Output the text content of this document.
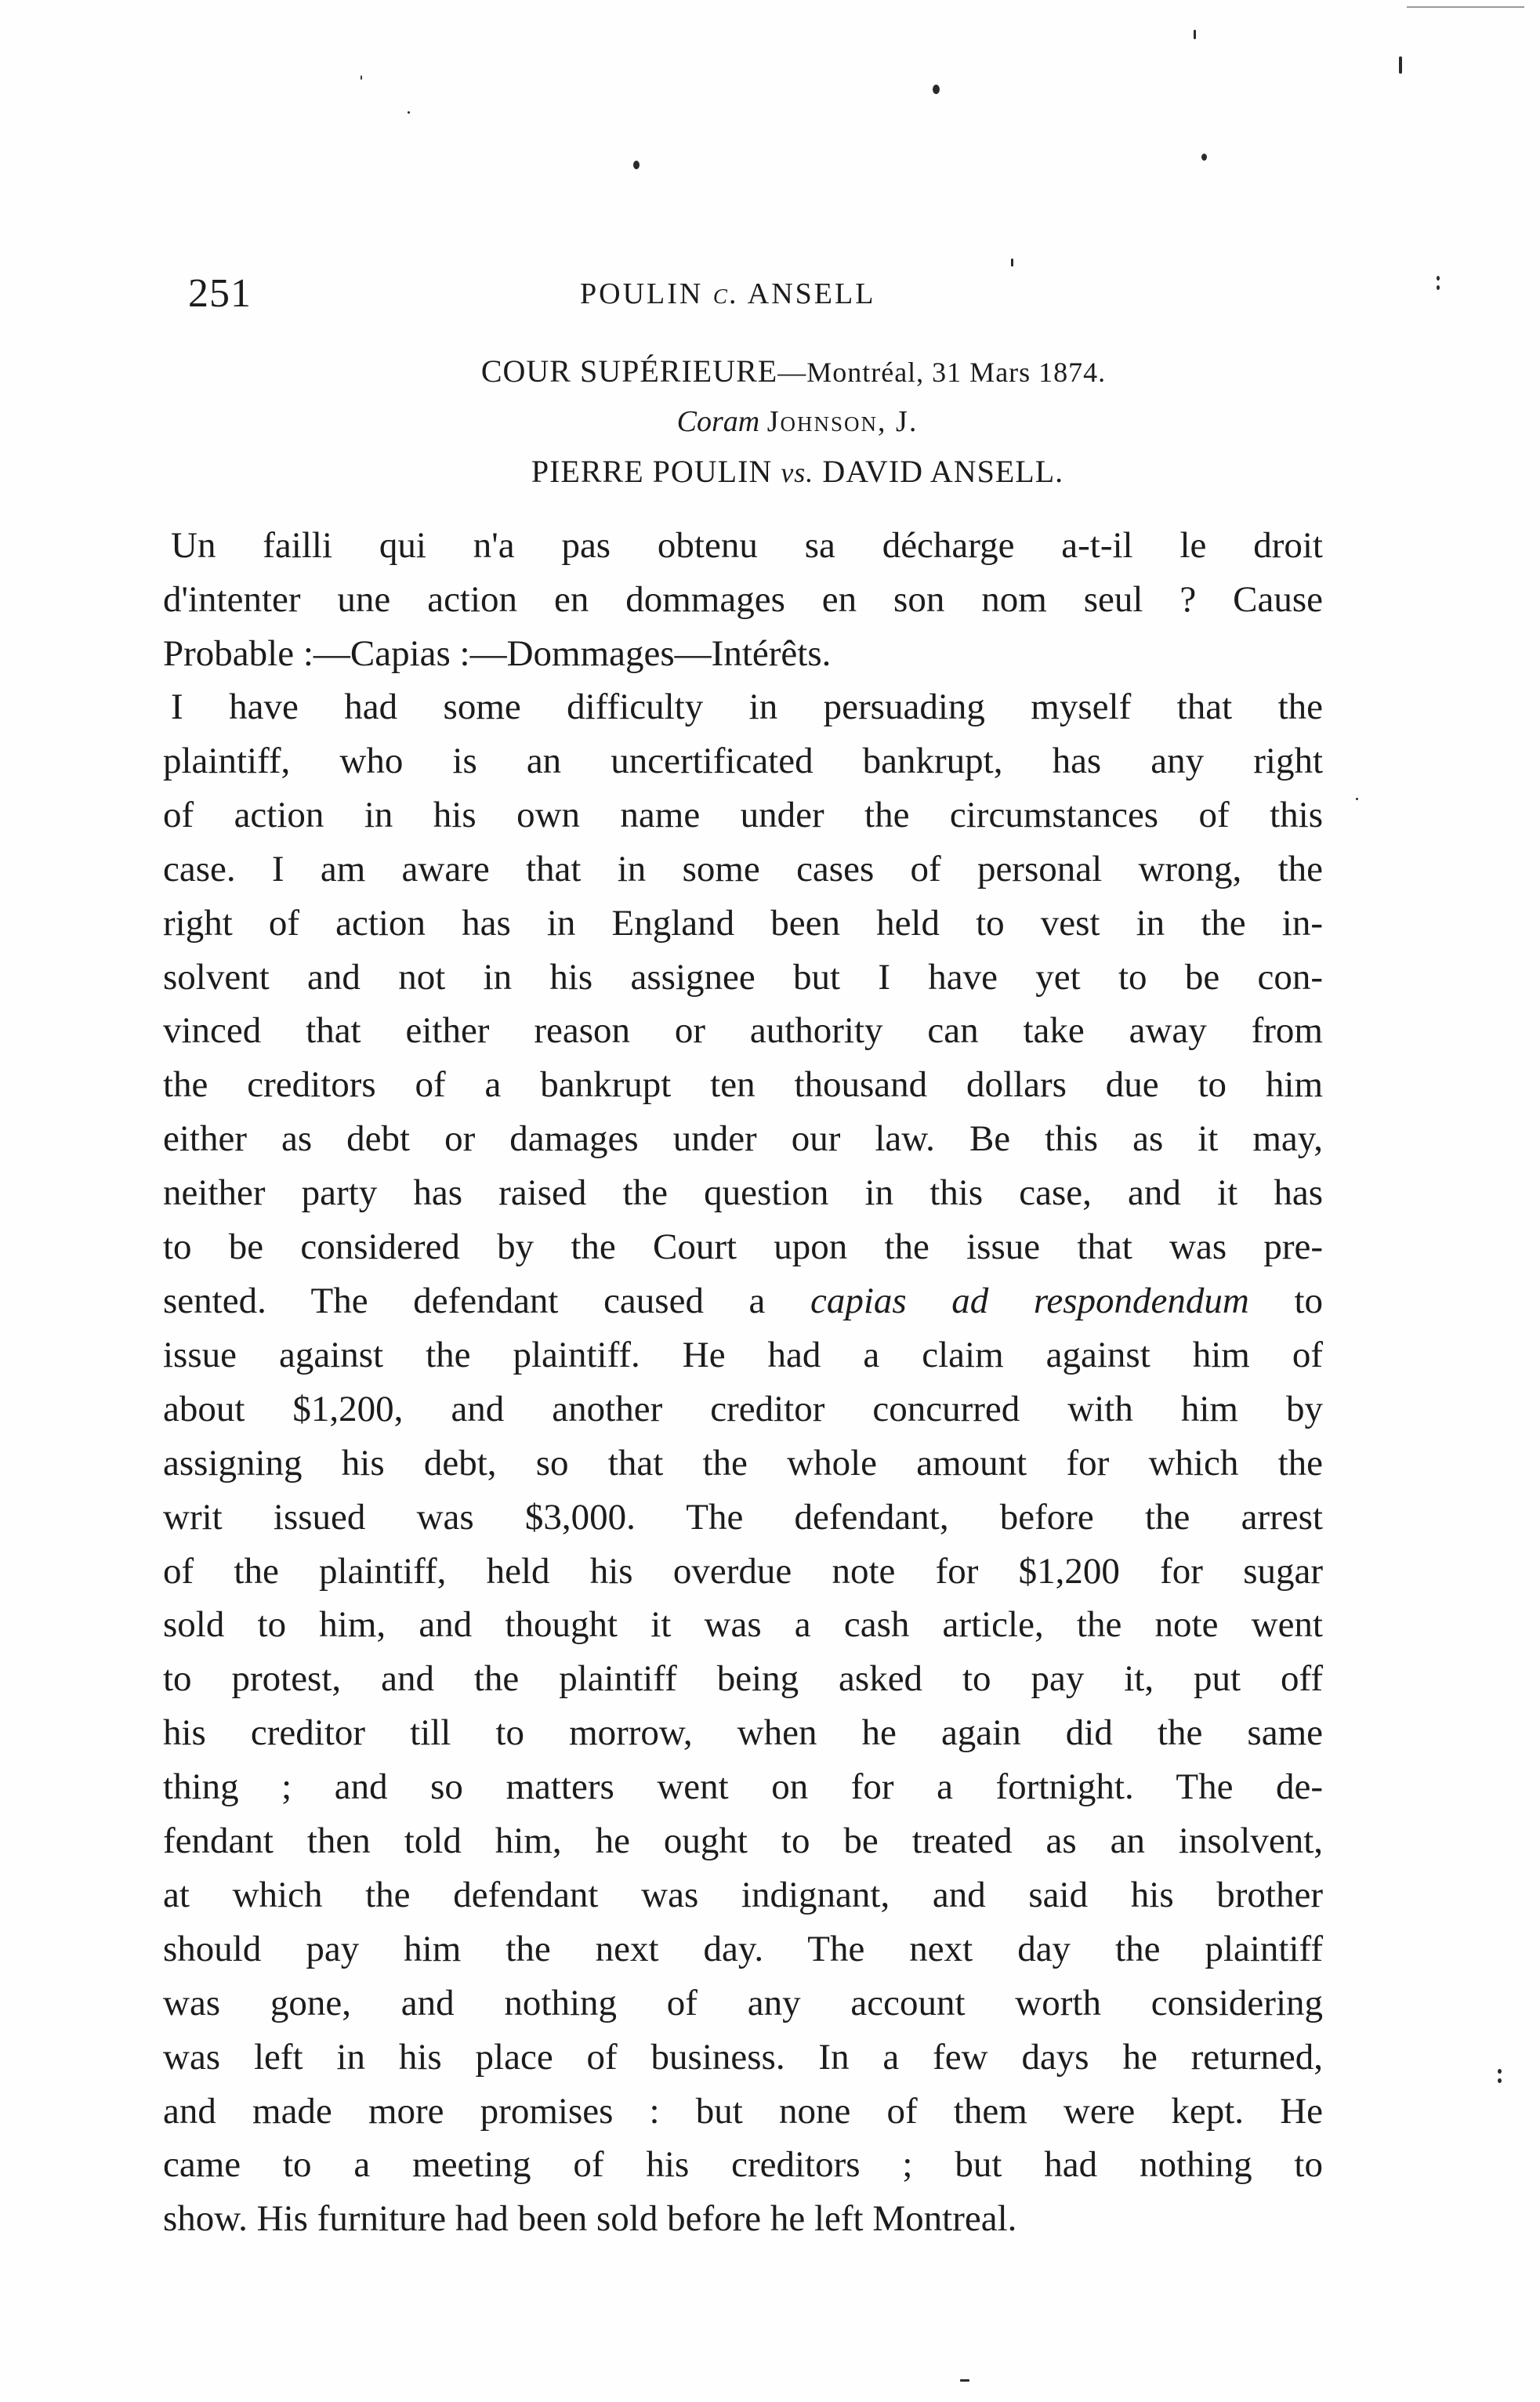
251	POULIN c. ANSELL
COUR SUPÉRIEURE—Montréal, 31 Mars 1874.
Coram Johnson, J.
PIERRE POULIN vs. DAVID ANSELL.
Un failli qui n'a pas obtenu sa décharge a-t-il le droit
d'intenter une action en dommages en son nom seul ? Cause
Probable :—Capias :—Dommages—Intérêts.
I have had some difficulty in persuading myself that the
plaintiff, who is an uncertificated bankrupt, has any right
of action in his own name under the circumstances of this
case. I am aware that in some cases of personal wrong, the
right of action has in England been held to vest in the in-
solvent and not in his assignee but I have yet to be con-
vinced that either reason or authority can take away from
the creditors of a bankrupt ten thousand dollars due to him
either as debt or damages under our law. Be this as it may,
neither party has raised the question in this case, and it has
to be considered by the Court upon the issue that was pre-
sented. The defendant caused a capias ad respondendum to
issue against the plaintiff. He had a claim against him of
about $1,200, and another creditor concurred with him by
assigning his debt, so that the whole amount for which the
writ issued was $3,000. The defendant, before the arrest
of the plaintiff, held his overdue note for $1,200 for sugar
sold to him, and thought it was a cash article, the note went
to protest, and the plaintiff being asked to pay it, put off
his creditor till to morrow, when he again did the same
thing ; and so matters went on for a fortnight. The de-
fendant then told him, he ought to be treated as an insolvent,
at which the defendant was indignant, and said his brother
should pay him the next day. The next day the plaintiff
was gone, and nothing of any account worth considering
was left in his place of business. In a few days he returned,
and made more promises : but none of them were kept. He
came to a meeting of his creditors ; but had nothing to
show. His furniture had been sold before he left Montreal.
